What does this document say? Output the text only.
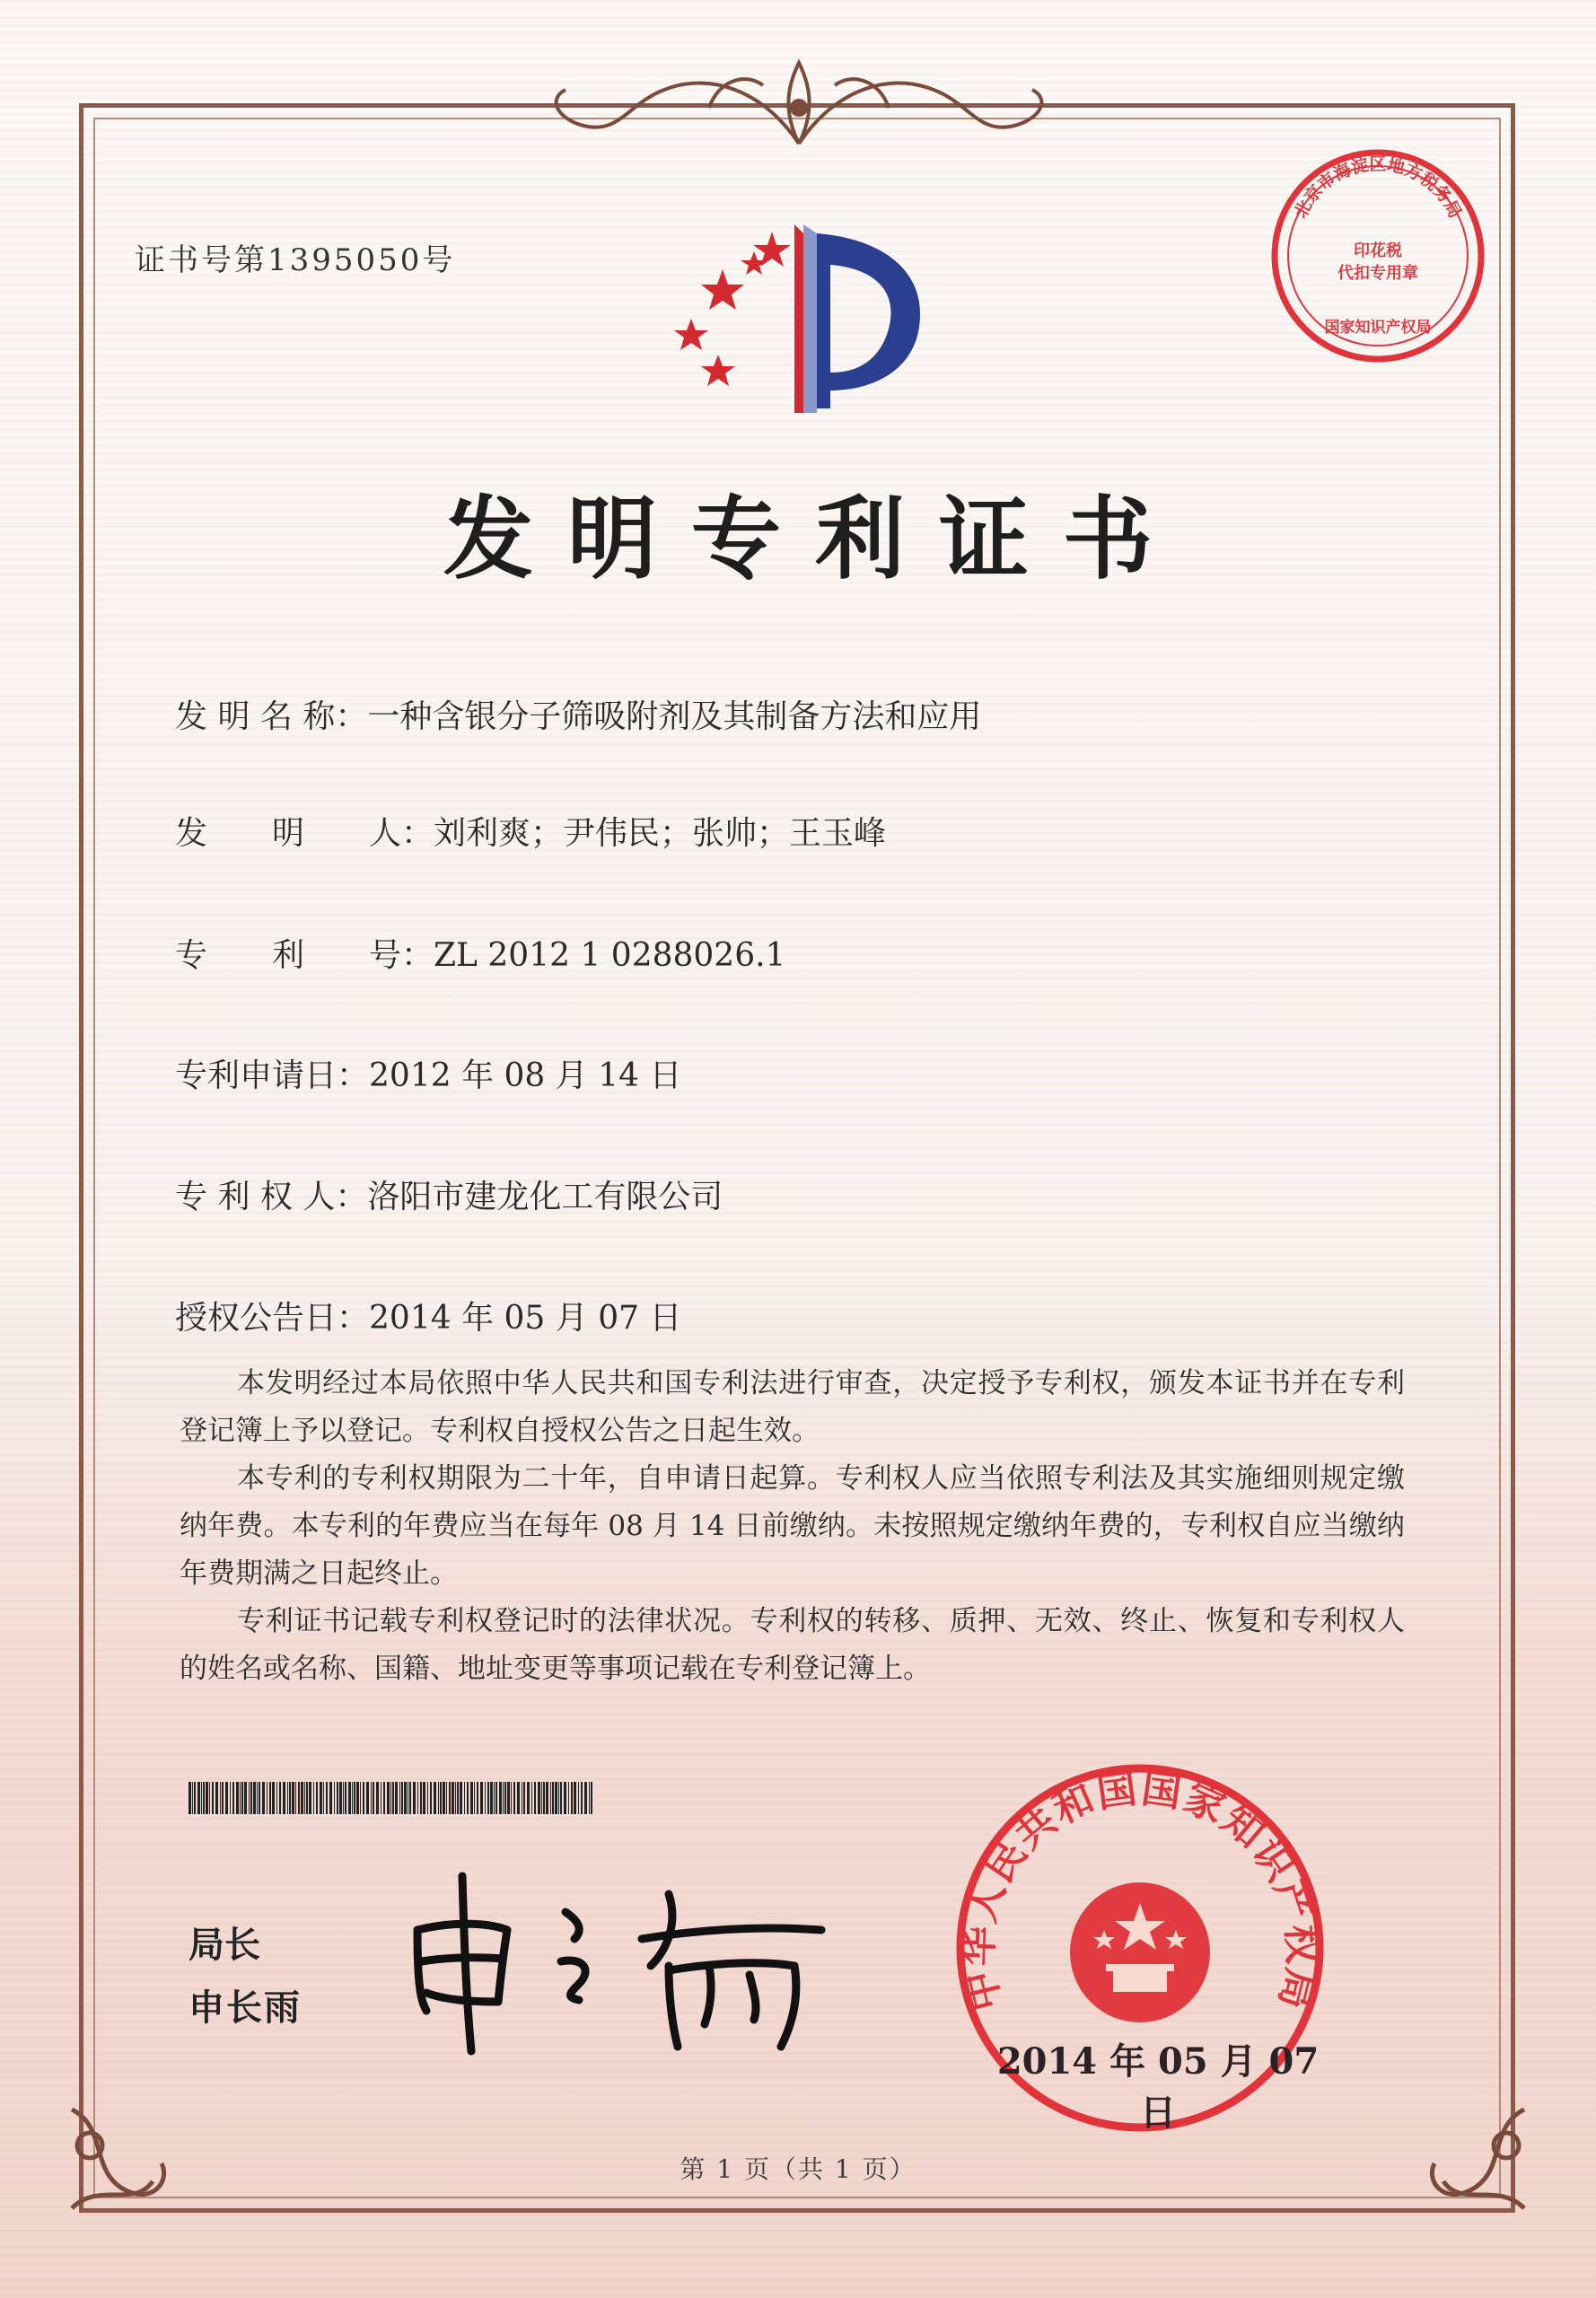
证书号第1395050号
北京市海淀区地方税务局
印花税
代扣专用章
国家知识产权局
发明专利证书
发 明 名 称：一种含银分子筛吸附剂及其制备方法和应用
发　　明　　人：刘利爽；尹伟民；张帅；王玉峰
专　　利　　号：ZL 2012 1 0288026.1
专利申请日：2012 年 08 月 14 日
专 利 权 人：洛阳市建龙化工有限公司
授权公告日：2014 年 05 月 07 日

本发明经过本局依照中华人民共和国专利法进行审查，决定授予专利权，颁发本证书并在专利登记簿上予以登记。专利权自授权公告之日起生效。

本专利的专利权期限为二十年，自申请日起算。专利权人应当依照专利法及其实施细则规定缴纳年费。本专利的年费应当在每年 08 月 14 日前缴纳。未按照规定缴纳年费的，专利权自应当缴纳年费期满之日起终止。

专利证书记载专利权登记时的法律状况。专利权的转移、质押、无效、终止、恢复和专利权人的姓名或名称、国籍、地址变更等事项记载在专利登记簿上。

局长
申长雨	中华人民共和国国家知识产权局
2014 年 05 月 07 日
第 1 页（共 1 页）
